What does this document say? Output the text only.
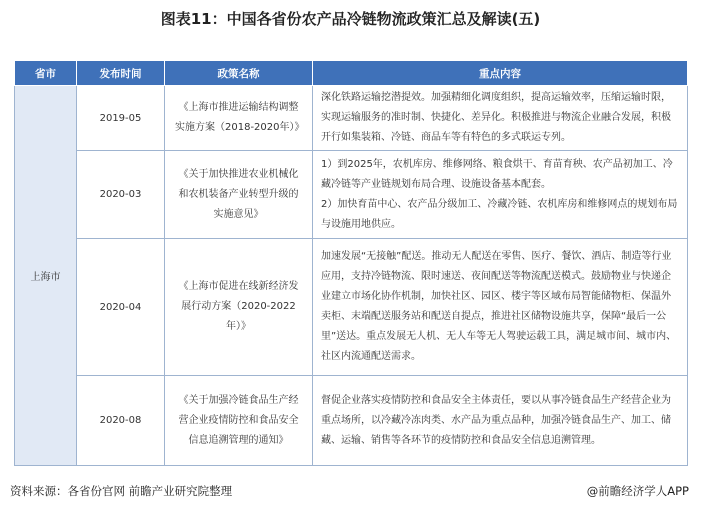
图表11：中国各省份农产品冷链物流政策汇总及解读(五)
省市	发布时间	政策名称	重点内容
上海市	2019-05	《上海市推进运输结构调整实施方案（2018-2020年）》	深化铁路运输挖潜提效。加强精细化调度组织，提高运输效率，压缩运输时限，实现运输服务的准时制、快捷化、差异化。积极推进与物流企业融合发展，积极开行如集装箱、冷链、商品车等有特色的多式联运专列。

	2020-03	《关于加快推进农业机械化和农机装备产业转型升级的实施意见》	1）到2025年，农机库房、维修网络、粮食烘干、育苗育秧、农产品初加工、冷藏冷链等产业链规划布局合理、设施设备基本配套。
2）加快育苗中心、农产品分级加工、冷藏冷链、农机库房和维修网点的规划布局与设施用地供应。

	2020-04	《上海市促进在线新经济发展行动方案（2020-2022年）》	加速发展“无接触”配送。推动无人配送在零售、医疗、餐饮、酒店、制造等行业应用，支持冷链物流、限时速送、夜间配送等物流配送模式。鼓励物业与快递企业建立市场化协作机制，加快社区、园区、楼宇等区域布局智能储物柜、保温外卖柜、末端配送服务站和配送自提点，推进社区储物设施共享，保障“最后一公里”送达。重点发展无人机、无人车等无人驾驶运载工具，满足城市间、城市内、社区内流通配送需求。

	2020-08	《关于加强冷链食品生产经营企业疫情防控和食品安全信息追溯管理的通知》	督促企业落实疫情防控和食品安全主体责任，要以从事冷链食品生产经营企业为重点场所，以冷藏冷冻肉类、水产品为重点品种，加强冷链食品生产、加工、储藏、运输、销售等各环节的疫情防控和食品安全信息追溯管理。
资料来源：各省份官网 前瞻产业研究院整理	@前瞻经济学人APP
